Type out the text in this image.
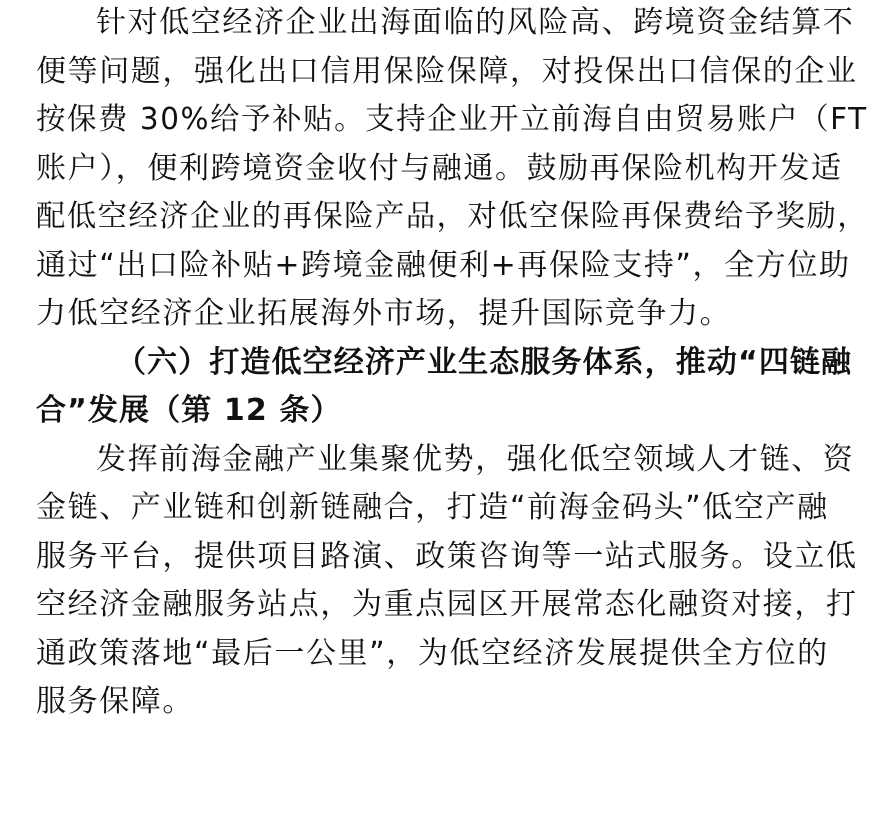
针对低空经济企业出海面临的风险高、跨境资金结算不
便等问题，强化出口信用保险保障，对投保出口信保的企业
按保费 30%给予补贴。支持企业开立前海自由贸易账户（FT
账户），便利跨境资金收付与融通。鼓励再保险机构开发适
配低空经济企业的再保险产品，对低空保险再保费给予奖励，
通过“出口险补贴+跨境金融便利+再保险支持”，全方位助
力低空经济企业拓展海外市场，提升国际竞争力。
（六）打造低空经济产业生态服务体系，推动“四链融
合”发展（第 12 条）
发挥前海金融产业集聚优势，强化低空领域人才链、资
金链、产业链和创新链融合，打造“前海金码头”低空产融
服务平台，提供项目路演、政策咨询等一站式服务。设立低
空经济金融服务站点，为重点园区开展常态化融资对接，打
通政策落地“最后一公里”，为低空经济发展提供全方位的
服务保障。
